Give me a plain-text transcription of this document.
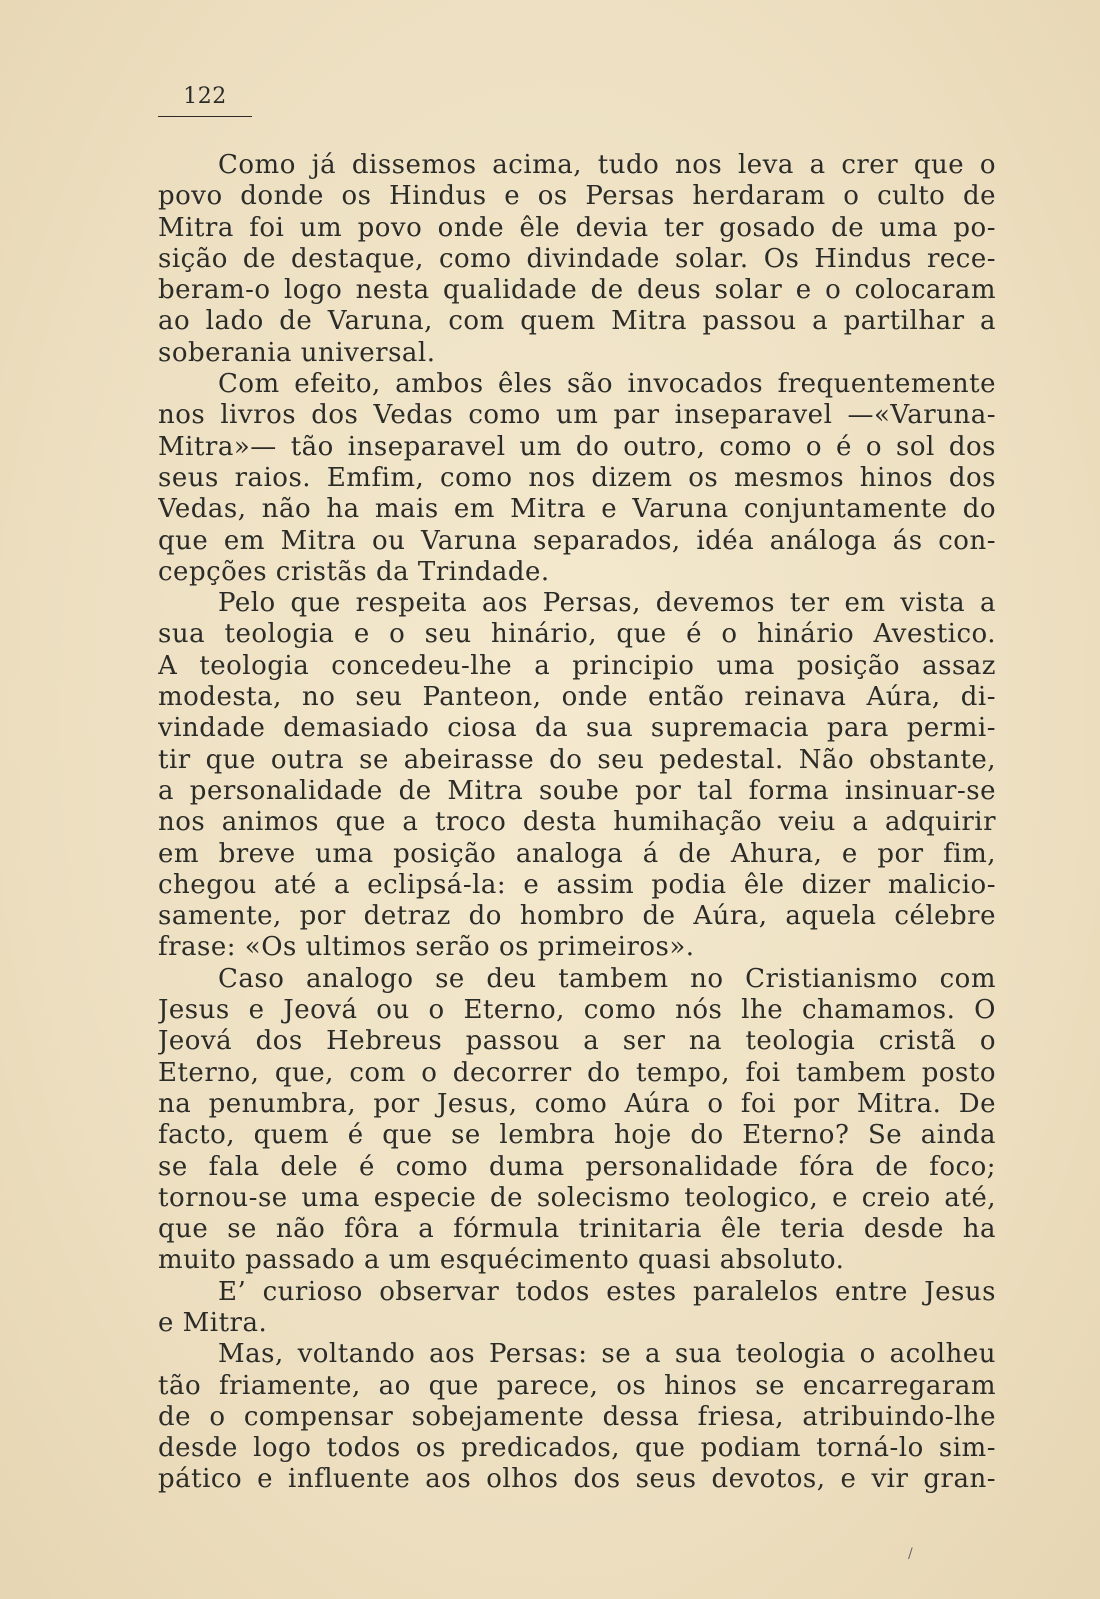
122
Como já dissemos acima, tudo nos leva a crer que o
povo donde os Hindus e os Persas herdaram o culto de
Mitra foi um povo onde êle devia ter gosado de uma po-
sição de destaque, como divindade solar. Os Hindus rece-
beram-o logo nesta qualidade de deus solar e o colocaram
ao lado de Varuna, com quem Mitra passou a partilhar a
soberania universal.
Com efeito, ambos êles são invocados frequentemente
nos livros dos Vedas como um par inseparavel —«Varuna-
Mitra»— tão inseparavel um do outro, como o é o sol dos
seus raios. Emfim, como nos dizem os mesmos hinos dos
Vedas, não ha mais em Mitra e Varuna conjuntamente do
que em Mitra ou Varuna separados, idéa análoga ás con-
cepções cristãs da Trindade.
Pelo que respeita aos Persas, devemos ter em vista a
sua teologia e o seu hinário, que é o hinário Avestico.
A teologia concedeu-lhe a principio uma posição assaz
modesta, no seu Panteon, onde então reinava Aúra, di-
vindade demasiado ciosa da sua supremacia para permi-
tir que outra se abeirasse do seu pedestal. Não obstante,
a personalidade de Mitra soube por tal forma insinuar-se
nos animos que a troco desta humihação veiu a adquirir
em breve uma posição analoga á de Ahura, e por fim,
chegou até a eclipsá-la: e assim podia êle dizer malicio-
samente, por detraz do hombro de Aúra, aquela célebre
frase: «Os ultimos serão os primeiros».
Caso analogo se deu tambem no Cristianismo com
Jesus e Jeová ou o Eterno, como nós lhe chamamos. O
Jeová dos Hebreus passou a ser na teologia cristã o
Eterno, que, com o decorrer do tempo, foi tambem posto
na penumbra, por Jesus, como Aúra o foi por Mitra. De
facto, quem é que se lembra hoje do Eterno? Se ainda
se fala dele é como duma personalidade fóra de foco;
tornou-se uma especie de solecismo teologico, e creio até,
que se não fôra a fórmula trinitaria êle teria desde ha
muito passado a um esquécimento quasi absoluto.
E’ curioso observar todos estes paralelos entre Jesus
e Mitra.
Mas, voltando aos Persas: se a sua teologia o acolheu
tão friamente, ao que parece, os hinos se encarregaram
de o compensar sobejamente dessa friesa, atribuindo-lhe
desde logo todos os predicados, que podiam torná-lo sim-
pático e influente aos olhos dos seus devotos, e vir gran-
/
